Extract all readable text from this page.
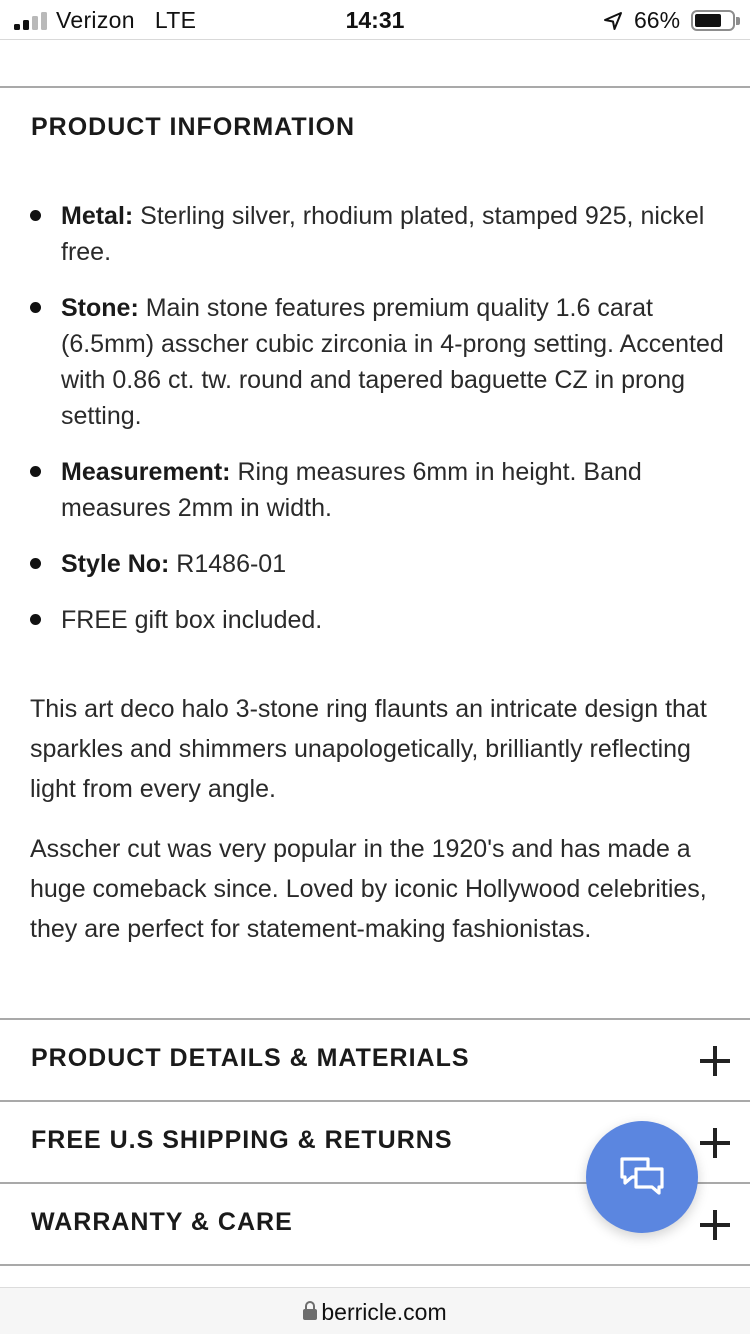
Verizon LTE	14:31	66%
PRODUCT INFORMATION
Metal: Sterling silver, rhodium plated, stamped 925, nickel free.
Stone: Main stone features premium quality 1.6 carat (6.5mm) asscher cubic zirconia in 4-prong setting. Accented with 0.86 ct. tw. round and tapered baguette CZ in prong setting.
Measurement: Ring measures 6mm in height. Band measures 2mm in width.
Style No: R1486-01
FREE gift box included.

This art deco halo 3-stone ring flaunts an intricate design that sparkles and shimmers unapologetically, brilliantly reflecting light from every angle.

Asscher cut was very popular in the 1920's and has made a huge comeback since. Loved by iconic Hollywood celebrities, they are perfect for statement-making fashionistas.

PRODUCT DETAILS & MATERIALS
FREE U.S SHIPPING & RETURNS
WARRANTY & CARE
berricle.com
